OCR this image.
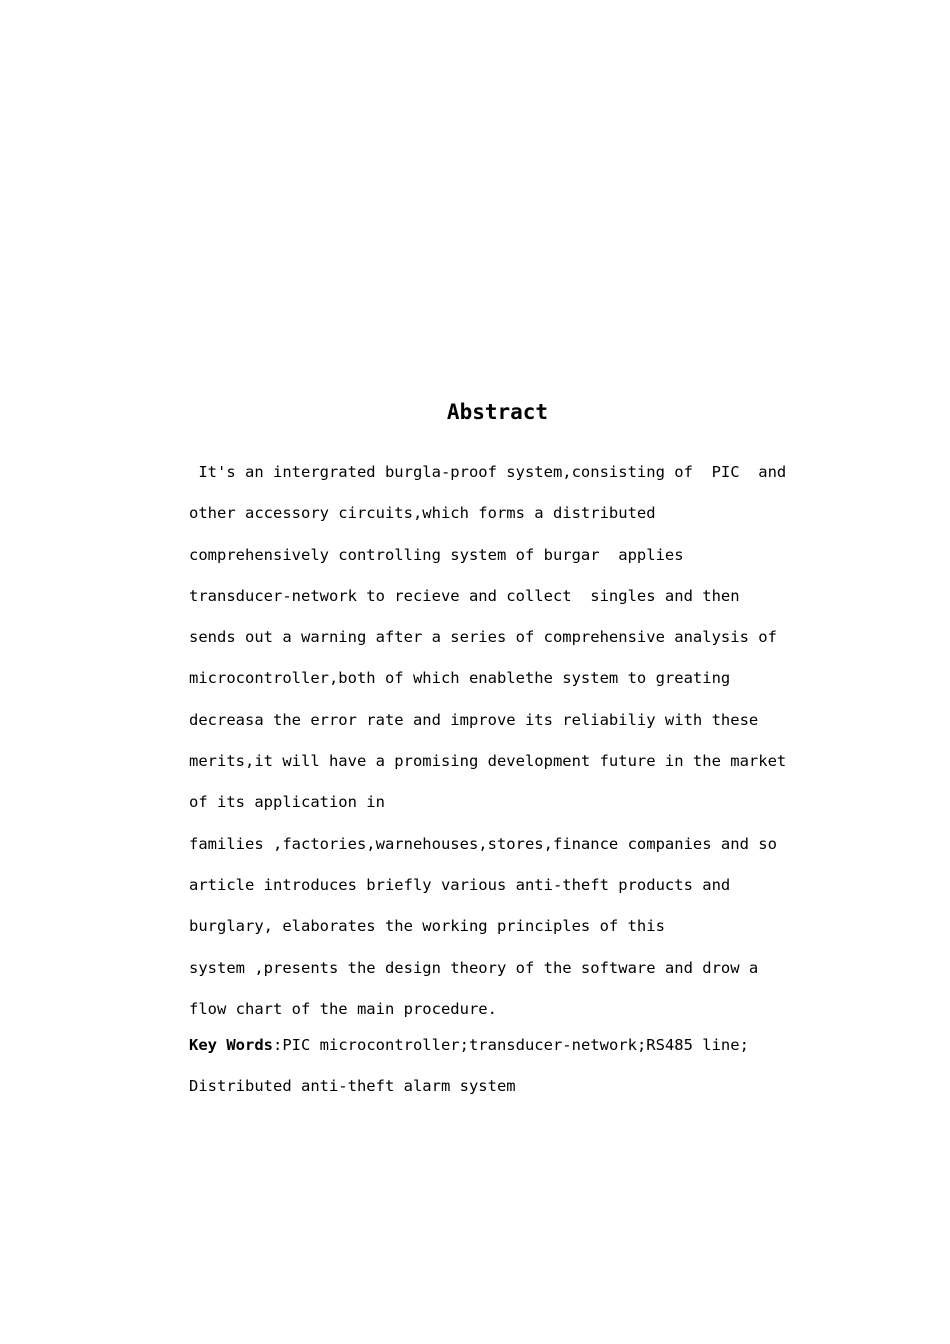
Abstract
It's an intergrated burgla-proof system,consisting of  PIC  and
other accessory circuits,which forms a distributed
comprehensively controlling system of burgar  applies
transducer-network to recieve and collect  singles and then
sends out a warning after a series of comprehensive analysis of
microcontroller,both of which enablethe system to greating
decreasa the error rate and improve its reliabiliy with these
merits,it will have a promising development future in the market
of its application in
families ,factories,warnehouses,stores,finance companies and so
article introduces briefly various anti-theft products and
burglary, elaborates the working principles of this
system ,presents the design theory of the software and drow a
flow chart of the main procedure.
Key Words:PIC microcontroller;transducer-network;RS485 line;
Distributed anti-theft alarm system
